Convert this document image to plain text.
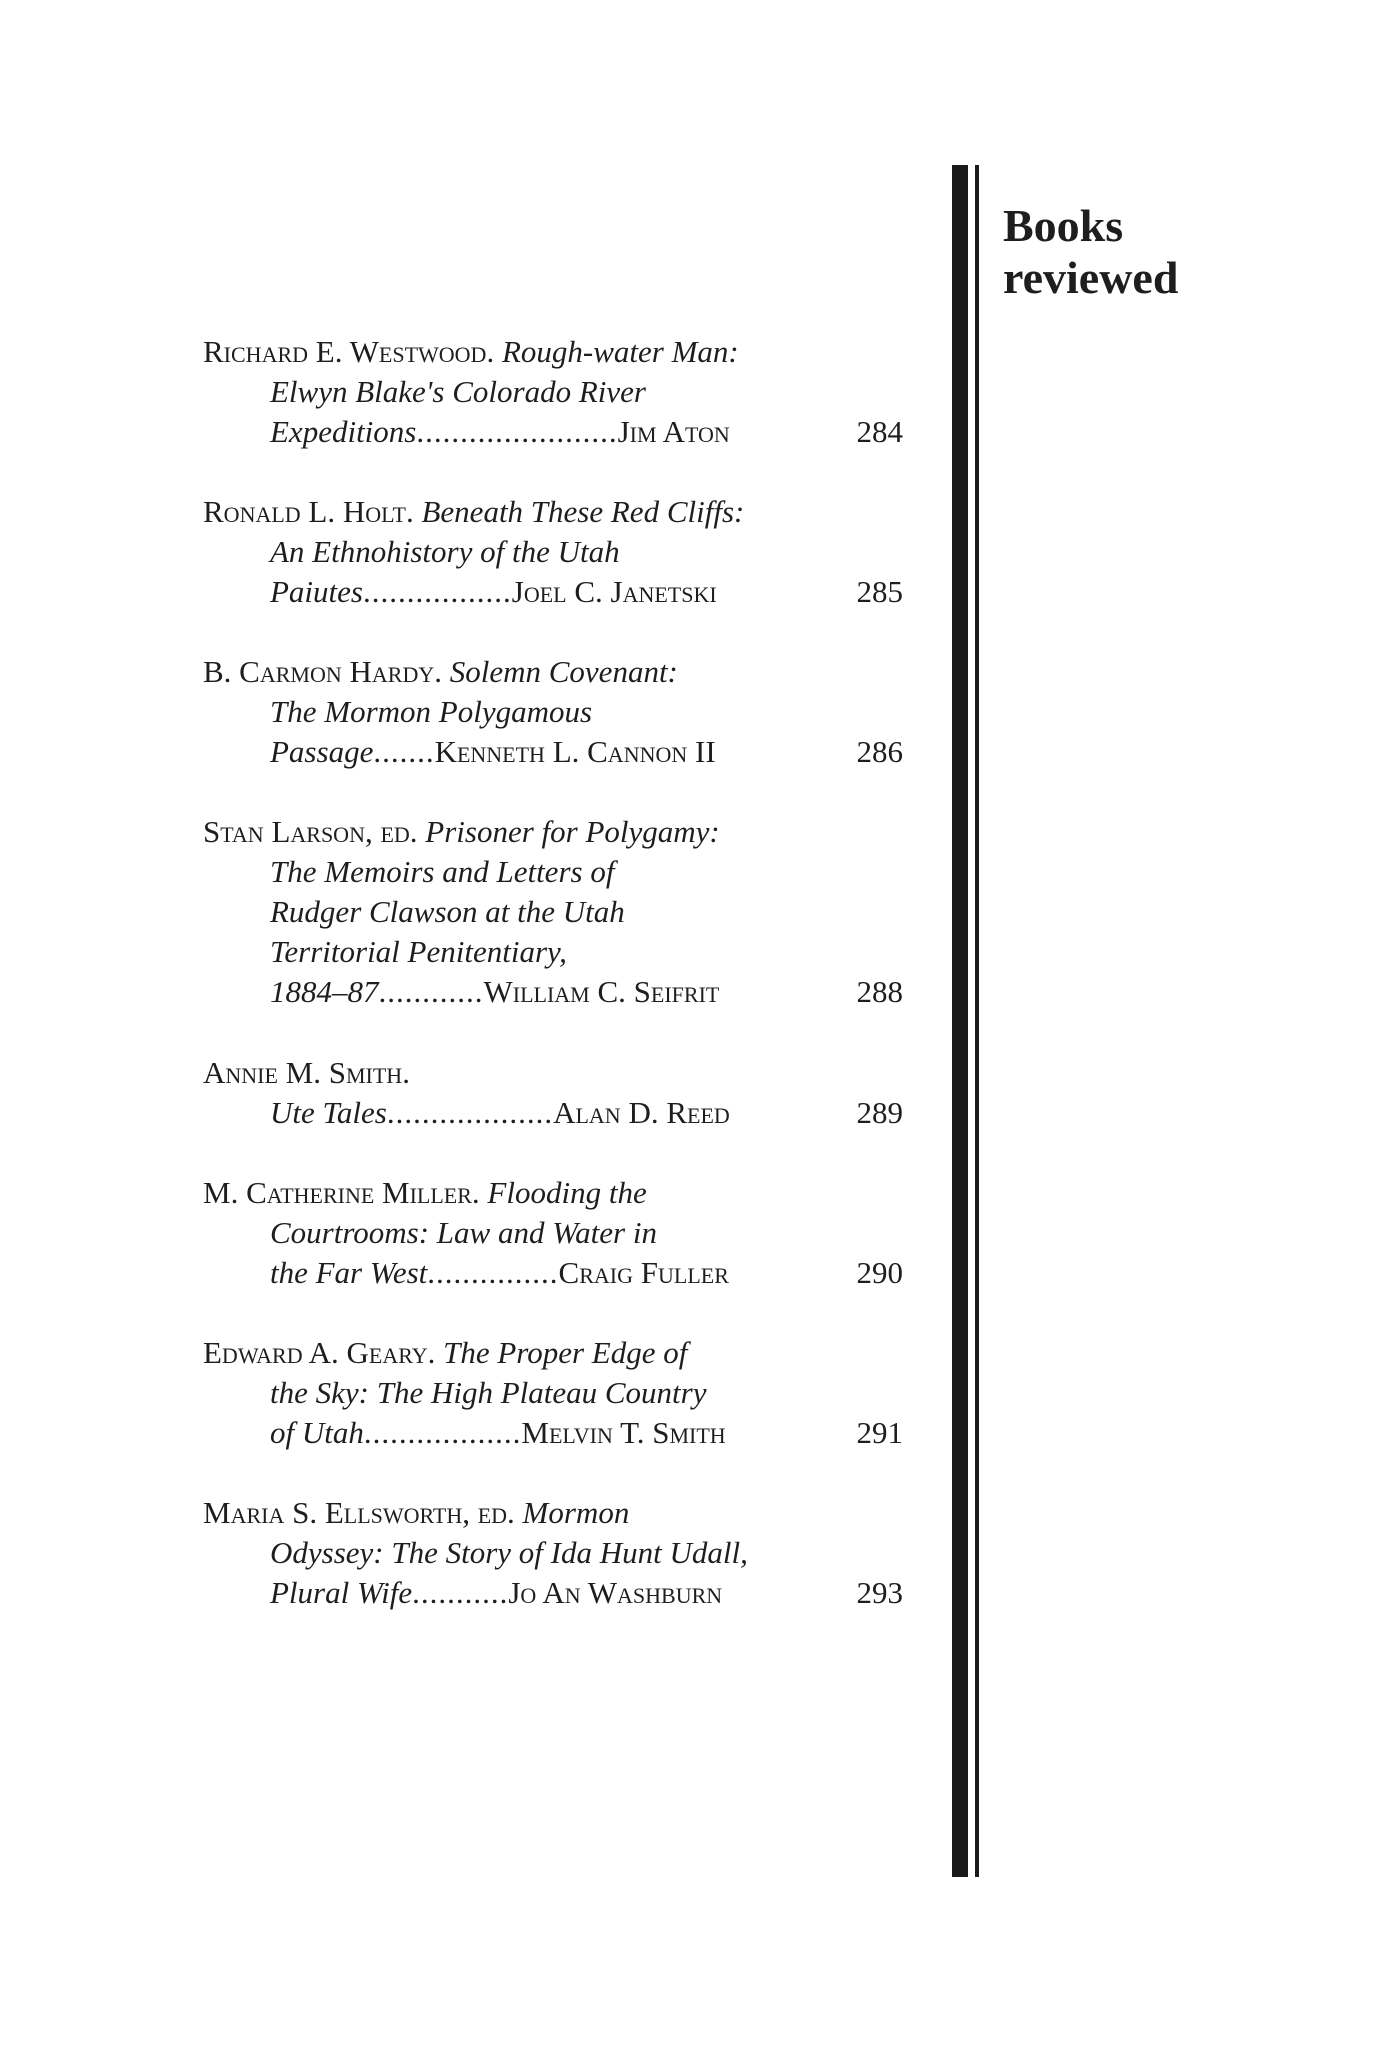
Books
reviewed
Richard E. Westwood. Rough-water Man:
Elwyn Blake's Colorado River
Expeditions.......................Jim Aton	284
Ronald L. Holt. Beneath These Red Cliffs:
An Ethnohistory of the Utah
Paiutes.................Joel C. Janetski	285
B. Carmon Hardy. Solemn Covenant:
The Mormon Polygamous
Passage.......Kenneth L. Cannon II	286
Stan Larson, ed. Prisoner for Polygamy:
The Memoirs and Letters of
Rudger Clawson at the Utah
Territorial Penitentiary,
1884–87............William C. Seifrit	288
Annie M. Smith.
Ute Tales...................Alan D. Reed	289
M. Catherine Miller. Flooding the
Courtrooms: Law and Water in
the Far West...............Craig Fuller	290
Edward A. Geary. The Proper Edge of
the Sky: The High Plateau Country
of Utah..................Melvin T. Smith	291
Maria S. Ellsworth, ed. Mormon
Odyssey: The Story of Ida Hunt Udall,
Plural Wife...........Jo An Washburn	293
